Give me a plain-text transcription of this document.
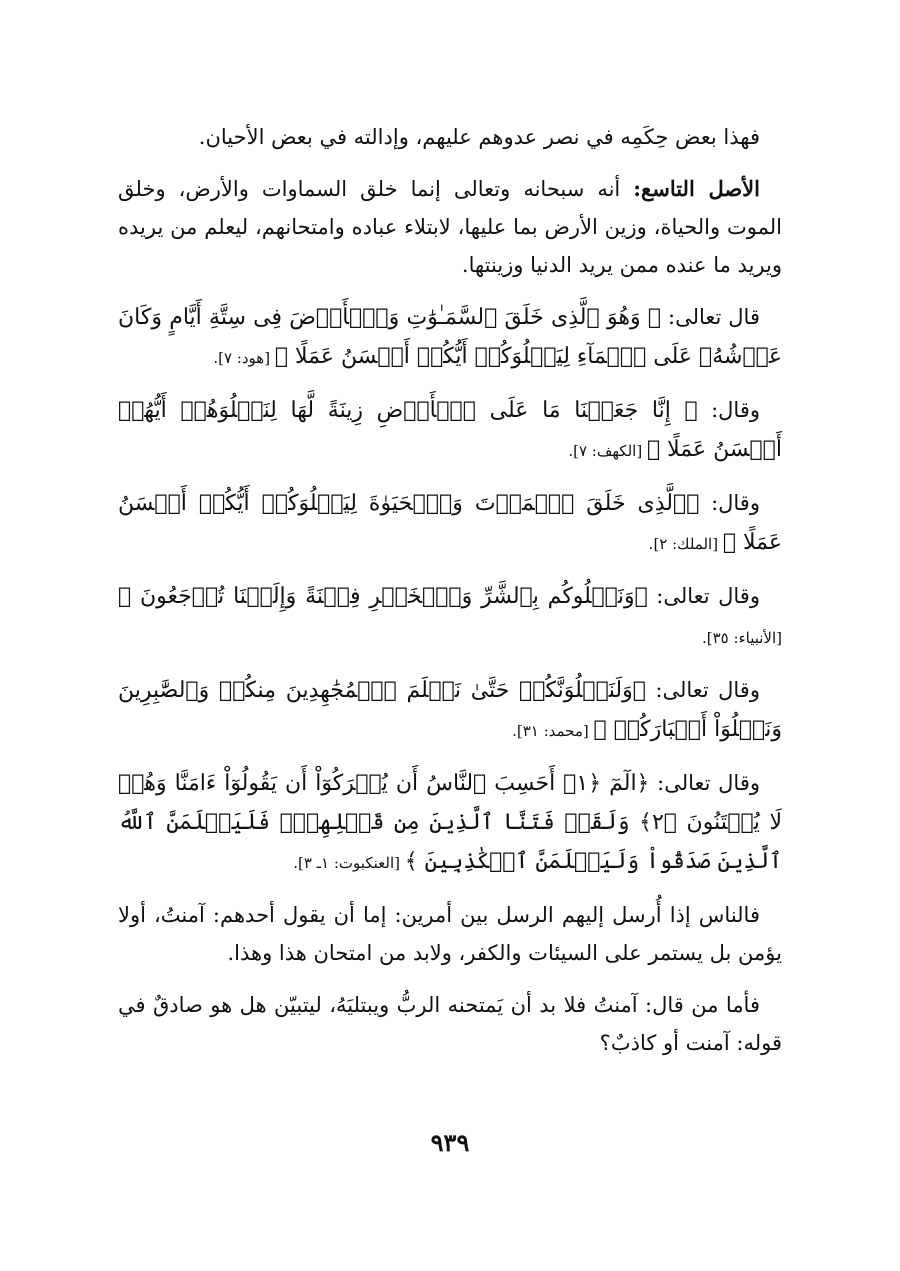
فهذا بعض حِكَمِه في نصر عدوهم عليهم، وإدالته في بعض الأحيان.

الأصل التاسع: أنه سبحانه وتعالى إنما خلق السماوات والأرض، وخلق الموت والحياة، وزين الأرض بما عليها، لابتلاء عباده وامتحانهم، ليعلم من يريده ويريد ما عنده ممن يريد الدنيا وزينتها.

قال تعالى: ﴿ وَهُوَ ٱلَّذِى خَلَقَ ٱلسَّمَـٰوَٰتِ وَٱلۡأَرۡضَ فِى سِتَّةِ أَيَّامٍ وَكَانَ عَرۡشُهُۥ عَلَى ٱلۡمَآءِ لِيَبۡلُوَكُمۡ أَيُّكُمۡ أَحۡسَنُ عَمَلًا ﴾ [هود: ٧].

وقال: ﴿ إِنَّا جَعَلۡنَا مَا عَلَى ٱلۡأَرۡضِ زِينَةً لَّهَا لِنَبۡلُوَهُمۡ أَيُّهُمۡ أَحۡسَنُ عَمَلًا ﴾ [الكهف: ٧].

وقال: ﴿ٱلَّذِى خَلَقَ ٱلۡمَوۡتَ وَٱلۡحَيَوٰةَ لِيَبۡلُوَكُمۡ أَيُّكُمۡ أَحۡسَنُ عَمَلًا ﴾ [الملك: ٢].

وقال تعالى: ﴿وَنَبۡلُوكُم بِٱلشَّرِّ وَٱلۡخَيۡرِ فِتۡنَةً وَإِلَيۡنَا تُرۡجَعُونَ ﴾ [الأنبياء: ٣٥].

وقال تعالى: ﴿وَلَنَبۡلُوَنَّكُمۡ حَتَّىٰ نَعۡلَمَ ٱلۡمُجَٰهِدِينَ مِنكُمۡ وَٱلصَّٰبِرِينَ وَنَبۡلُوَاْ أَخۡبَارَكُمۡ ﴾ [محمد: ٣١].

وقال تعالى: ﴿الٓمٓ ﴿١﴾ أَحَسِبَ ٱلنَّاسُ أَن يُتۡرَكُوٓاْ أَن يَقُولُوٓاْ ءَامَنَّا وَهُمۡ لَا يُفۡتَنُونَ ﴿٢﴾ وَلَقَدۡ فَتَنَّا ٱلَّذِينَ مِن قَبۡلِهِمۡۖ فَلَيَعۡلَمَنَّ ٱللَّهُ ٱلَّذِينَ صَدَقُواْ وَلَيَعۡلَمَنَّ ٱلۡكَٰذِبِينَ ﴾ [العنكبوت: ١ـ ٣].

فالناس إذا أُرسل إليهم الرسل بين أمرين: إما أن يقول أحدهم: آمنتُ، أولا يؤمن بل يستمر على السيئات والكفر، ولابد من امتحان هذا وهذا.

فأما من قال: آمنتُ فلا بد أن يَمتحنه الربُّ ويبتليَهُ، ليتبيّن هل هو صادقٌ في قوله: آمنت أو كاذبٌ؟

٩٣٩
